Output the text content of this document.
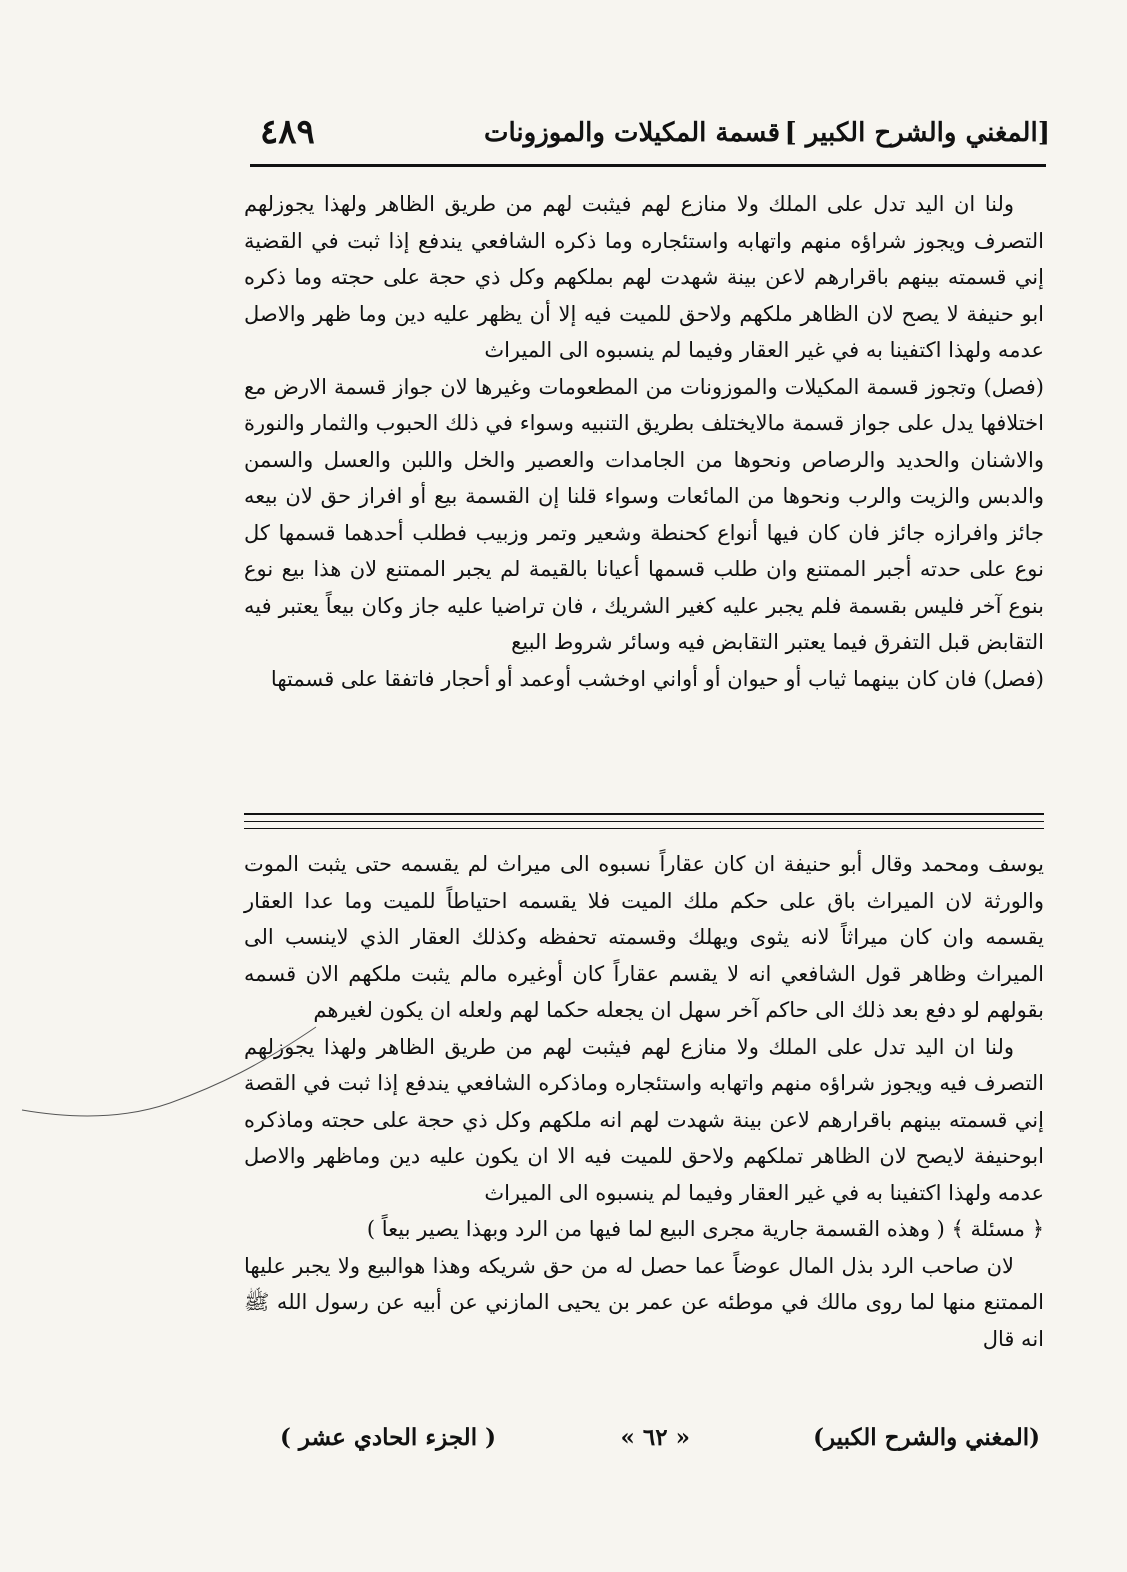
[المغني والشرح الكبير ]
قسمة المكيلات والموزونات
٤٨٩

ولنا ان اليد تدل على الملك ولا منازع لهم فيثبت لهم من طريق الظاهر ولهذا يجوزلهم التصرف ويجوز شراؤه منهم واتهابه واستئجاره وما ذكره الشافعي يندفع إذا ثبت في القضية إني قسمته بينهم باقرارهم لاعن بينة شهدت لهم بملكهم وكل ذي حجة على حجته وما ذكره ابو حنيفة لا يصح لان الظاهر ملكهم ولاحق للميت فيه إلا أن يظهر عليه دين وما ظهر والاصل عدمه ولهذا اكتفينا به في غير العقار وفيما لم ينسبوه الى الميراث

(فصل) وتجوز قسمة المكيلات والموزونات من المطعومات وغيرها لان جواز قسمة الارض مع اختلافها يدل على جواز قسمة مالايختلف بطريق التنبيه وسواء في ذلك الحبوب والثمار والنورة والاشنان والحديد والرصاص ونحوها من الجامدات والعصير والخل واللبن والعسل والسمن والدبس والزيت والرب ونحوها من المائعات وسواء قلنا إن القسمة بيع أو افراز حق لان بيعه جائز وافرازه جائز فان كان فيها أنواع كحنطة وشعير وتمر وزبيب فطلب أحدهما قسمها كل نوع على حدته أجبر الممتنع وان طلب قسمها أعيانا بالقيمة لم يجبر الممتنع لان هذا بيع نوع بنوع آخر فليس بقسمة فلم يجبر عليه كغير الشريك ، فان تراضيا عليه جاز وكان بيعاً يعتبر فيه التقابض قبل التفرق فيما يعتبر التقابض فيه وسائر شروط البيع

(فصل) فان كان بينهما ثياب أو حيوان أو أواني اوخشب أوعمد أو أحجار فاتفقا على قسمتها

يوسف ومحمد وقال أبو حنيفة ان كان عقاراً نسبوه الى ميراث لم يقسمه حتى يثبت الموت والورثة لان الميراث باق على حكم ملك الميت فلا يقسمه احتياطاً للميت وما عدا العقار يقسمه وان كان ميراثاً لانه يثوى ويهلك وقسمته تحفظه وكذلك العقار الذي لاينسب الى الميراث وظاهر قول الشافعي انه لا يقسم عقاراً كان أوغيره مالم يثبت ملكهم الان قسمه بقولهم لو دفع بعد ذلك الى حاكم آخر سهل ان يجعله حكما لهم ولعله ان يكون لغيرهم

ولنا ان اليد تدل على الملك ولا منازع لهم فيثبت لهم من طريق الظاهر ولهذا يجوزلهم التصرف فيه ويجوز شراؤه منهم واتهابه واستئجاره وماذكره الشافعي يندفع إذا ثبت في القصة إني قسمته بينهم باقرارهم لاعن بينة شهدت لهم انه ملكهم وكل ذي حجة على حجته وماذكره ابوحنيفة لايصح لان الظاهر تملكهم ولاحق للميت فيه الا ان يكون عليه دين وماظهر والاصل عدمه ولهذا اكتفينا به في غير العقار وفيما لم ينسبوه الى الميراث

﴿ مسئلة ﴾ ( وهذه القسمة جارية مجرى البيع لما فيها من الرد وبهذا يصير بيعاً )

لان صاحب الرد بذل المال عوضاً عما حصل له من حق شريكه وهذا هوالبيع ولا يجبر عليها الممتنع منها لما روى مالك في موطئه عن عمر بن يحيى المازني عن أبيه عن رسول الله ﷺ انه قال

(المغني والشرح الكبير)
« ٦٢ »
( الجزء الحادي عشر )
